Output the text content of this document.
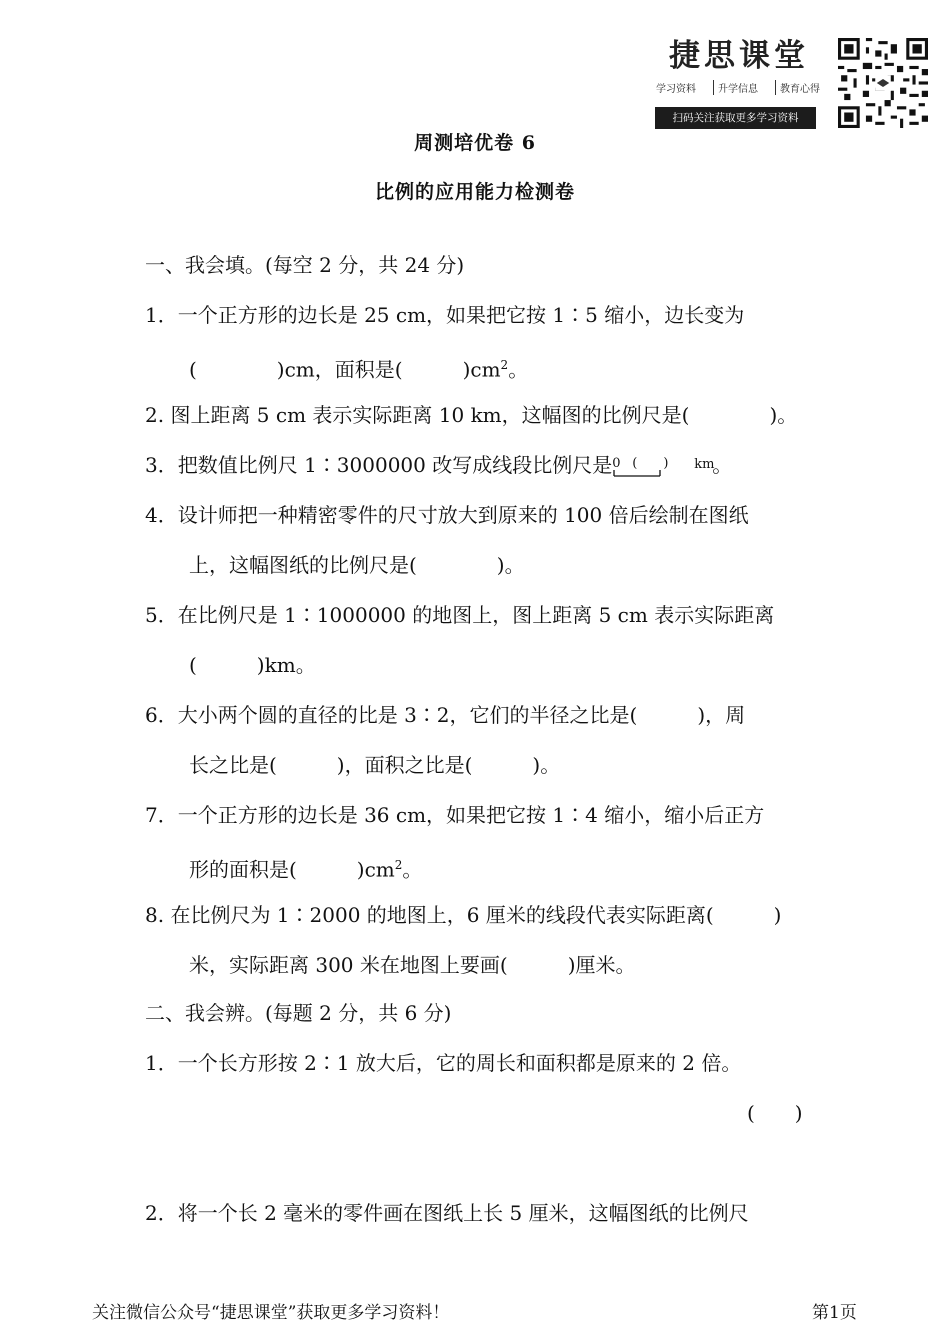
捷思课堂
学习资料	升学信息	教育心得
扫码关注获取更多学习资料
周测培优卷 6
比例的应用能力检测卷
一、我会填。(每空 2 分，共 24 分)
1．一个正方形的边长是 25 cm，如果把它按 1∶5 缩小，边长变为
(　　　　)cm，面积是(　　　)$cm^2$。
2. 图上距离 5 cm 表示实际距离 10 km，这幅图的比例尺是(　　　　)。
3．把数值比例尺 1∶3000000 改写成线段比例尺是 0 (　　) km
。
4．设计师把一种精密零件的尺寸放大到原来的 100 倍后绘制在图纸
上，这幅图纸的比例尺是(　　　　)。
5．在比例尺是 1∶1000000 的地图上，图上距离 5 cm 表示实际距离
(　　　)km。
6．大小两个圆的直径的比是 3∶2，它们的半径之比是(　　　)，周
长之比是(　　　)，面积之比是(　　　)。
7．一个正方形的边长是 36 cm，如果把它按 1∶4 缩小，缩小后正方
形的面积是(　　　)$cm^2$。
8. 在比例尺为 1∶2000 的地图上，6 厘米的线段代表实际距离(　　　)
米，实际距离 300 米在地图上要画(　　　)厘米。
二、我会辨。(每题 2 分，共 6 分)
1．一个长方形按 2∶1 放大后，它的周长和面积都是原来的 2 倍。
(　　)
2．将一个长 2 毫米的零件画在图纸上长 5 厘米，这幅图纸的比例尺
关注微信公众号“捷思课堂”获取更多学习资料！	第1页
